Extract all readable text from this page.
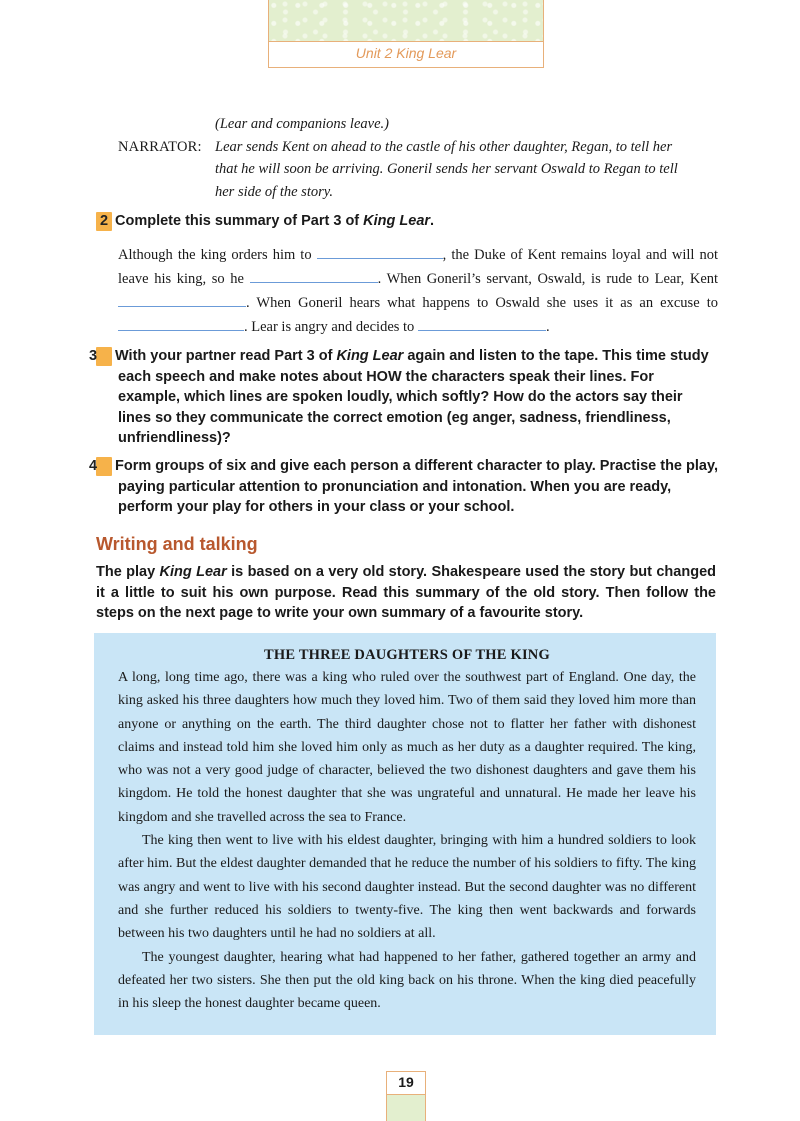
Unit 2 King Lear
(Lear and companions leave.)
NARRATOR: Lear sends Kent on ahead to the castle of his other daughter, Regan, to tell her
that he will soon be arriving. Goneril sends her servant Oswald to Regan to tell
her side of the story.
2 Complete this summary of Part 3 of King Lear.
Although the king orders him to	, the Duke of Kent remains loyal and will not leave his king, so he	. When Goneril’s servant, Oswald, is rude to Lear, Kent . When Goneril hears what happens to Oswald she uses it as an excuse to . Lear is angry and decides to	.
3 With your partner read Part 3 of King Lear again and listen to the tape. This time study each speech and make notes about HOW the characters speak their lines. For example, which lines are spoken loudly, which softly? How do the actors say their lines so they communicate the correct emotion (eg anger, sadness, friendliness, unfriendliness)?
4 Form groups of six and give each person a different character to play. Practise the play, paying particular attention to pronunciation and intonation. When you are ready, perform your play for others in your class or your school.
Writing and talking
The play King Lear is based on a very old story. Shakespeare used the story but changed it a little to suit his own purpose. Read this summary of the old story. Then follow the steps on the next page to write your own summary of a favourite story.
THE THREE DAUGHTERS OF THE KING

A long, long time ago, there was a king who ruled over the southwest part of England. One day, the king asked his three daughters how much they loved him. Two of them said they loved him more than anyone or anything on the earth. The third daughter chose not to flatter her father with dishonest claims and instead told him she loved him only as much as her duty as a daughter required. The king, who was not a very good judge of character, believed the two dishonest daughters and gave them his kingdom. He told the honest daughter that she was ungrateful and unnatural. He made her leave his kingdom and she travelled across the sea to France.

The king then went to live with his eldest daughter, bringing with him a hundred soldiers to look after him. But the eldest daughter demanded that he reduce the number of his soldiers to fifty. The king was angry and went to live with his second daughter instead. But the second daughter was no different and she further reduced his soldiers to twenty-five. The king then went backwards and forwards between his two daughters until he had no soldiers at all.

The youngest daughter, hearing what had happened to her father, gathered together an army and defeated her two sisters. She then put the old king back on his throne. When the king died peacefully in his sleep the honest daughter became queen.

19
